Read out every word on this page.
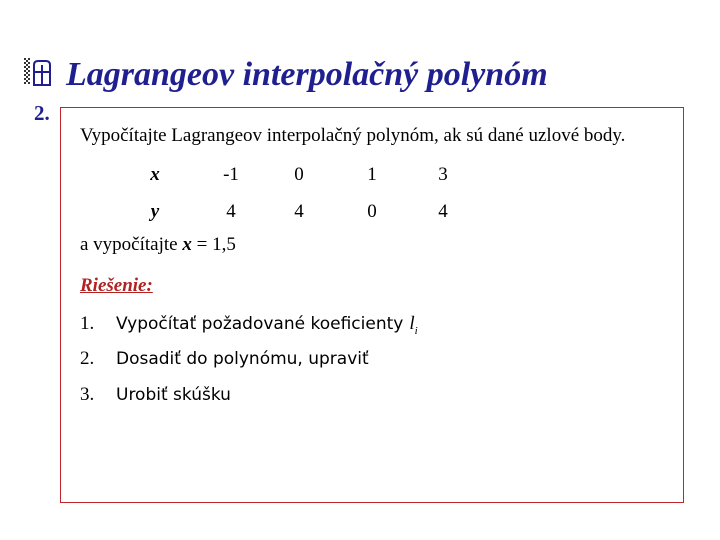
Lagrangeov interpolačný polynóm
2.
Vypočítajte Lagrangeov interpolačný polynóm, ak sú dané uzlové body.
x	-1	0	1	3
y	4	4	0	4
a vypočítajte x = 1,5
Riešenie:
1. Vypočítať požadované koeficienty $l_i$
2. Dosadiť do polynómu, upraviť
3. Urobiť skúšku
